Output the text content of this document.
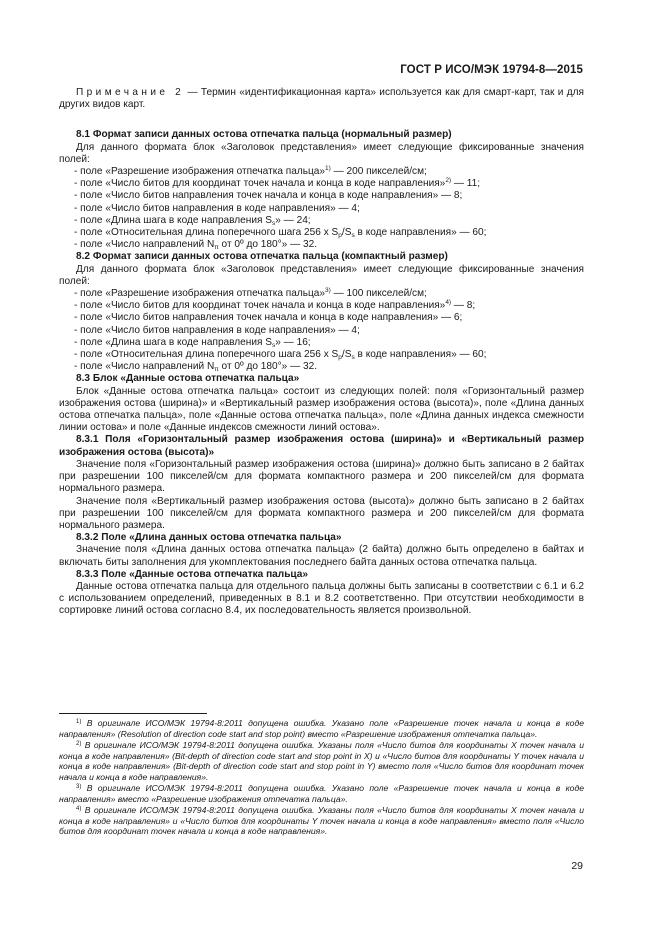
ГОСТ Р ИСО/МЭК 19794-8—2015

Примечание 2 — Термин «идентификационная карта» используется как для смарт-карт, так и для других видов карт.

8.1 Формат записи данных остова отпечатка пальца (нормальный размер)

Для данного формата блок «Заголовок представления» имеет следующие фиксированные значения полей:

- поле «Разрешение изображения отпечатка пальца»$^{1)}$ — 200 пикселей/см;

- поле «Число битов для координат точек начала и конца в коде направления»$^{2)}$ — 11;

- поле «Число битов направления точек начала и конца в коде направления» — 8;

- поле «Число битов направления в коде направления» — 4;

- поле «Длина шага в коде направления $S_s$» — 24;

- поле «Относительная длина поперечного шага 256 x $S_p/S_s$ в коде направления» — 60;

- поле «Число направлений $N_\pi$ от 0º до 180°» — 32.

8.2 Формат записи данных остова отпечатка пальца (компактный размер)

Для данного формата блок «Заголовок представления» имеет следующие фиксированные значения полей:

- поле «Разрешение изображения отпечатка пальца»$^{3)}$ — 100 пикселей/см;

- поле «Число битов для координат точек начала и конца в коде направления»$^{4)}$ — 8;

- поле «Число битов направления точек начала и конца в коде направления» — 6;

- поле «Число битов направления в коде направления» — 4;

- поле «Длина шага в коде направления $S_s$» — 16;

- поле «Относительная длина поперечного шага 256 x $S_p/S_s$ в коде направления» — 60;

- поле «Число направлений $N_\pi$ от 0º до 180°» — 32.

8.3 Блок «Данные остова отпечатка пальца»

Блок «Данные остова отпечатка пальца» состоит из следующих полей: поля «Горизонтальный размер изображения остова (ширина)» и «Вертикальный размер изображения остова (высота)», поле «Длина данных остова отпечатка пальца», поле «Данные остова отпечатка пальца», поле «Длина данных индекса смежности линии остова» и поле «Данные индексов смежности линий остова».

8.3.1 Поля «Горизонтальный размер изображения остова (ширина)» и «Вертикальный размер изображения остова (высота)»

Значение поля «Горизонтальный размер изображения остова (ширина)» должно быть записано в 2 байтах при разрешении 100 пикселей/см для формата компактного размера и 200 пикселей/см для формата нормального размера.

Значение поля «Вертикальный размер изображения остова (высота)» должно быть записано в 2 байтах при разрешении 100 пикселей/см для формата компактного размера и 200 пикселей/см для формата нормального размера.

8.3.2 Поле «Длина данных остова отпечатка пальца»

Значение поля «Длина данных остова отпечатка пальца» (2 байта) должно быть определено в байтах и включать биты заполнения для укомплектования последнего байта данных остова отпечатка пальца.

8.3.3 Поле «Данные остова отпечатка пальца»

Данные остова отпечатка пальца для отдельного пальца должны быть записаны в соответствии с 6.1 и 6.2 с использованием определений, приведенных в 8.1 и 8.2 соответственно. При отсутствии необходимости в сортировке линий остова согласно 8.4, их последовательность является произвольной.

$^{1)}$ В оригинале ИСО/МЭК 19794-8:2011 допущена ошибка. Указано поле «Разрешение точек начала и конца в коде направления» (Resolution of direction code start and stop point) вместо «Разрешение изображения отпечатка пальца».

$^{2)}$ В оригинале ИСО/МЭК 19794-8:2011 допущена ошибка. Указаны поля «Число битов для координаты X точек начала и конца в коде направления» (Bit-depth of direction code start and stop point in X) и «Число битов для координаты Y точек начала и конца в коде направления» (Bit-depth of direction code start and stop point in Y) вместо поля «Число битов для координат точек начала и конца в коде направления».

$^{3)}$ В оригинале ИСО/МЭК 19794-8:2011 допущена ошибка. Указано поле «Разрешение точек начала и конца в коде направления» вместо «Разрешение изображения отпечатка пальца».

$^{4)}$ В оригинале ИСО/МЭК 19794-8:2011 допущена ошибка. Указаны поля «Число битов для координаты X точек начала и конца в коде направления» и «Число битов для координаты Y точек начала и конца в коде направления» вместо поля «Число битов для координат точек начала и конца в коде направления».

29
